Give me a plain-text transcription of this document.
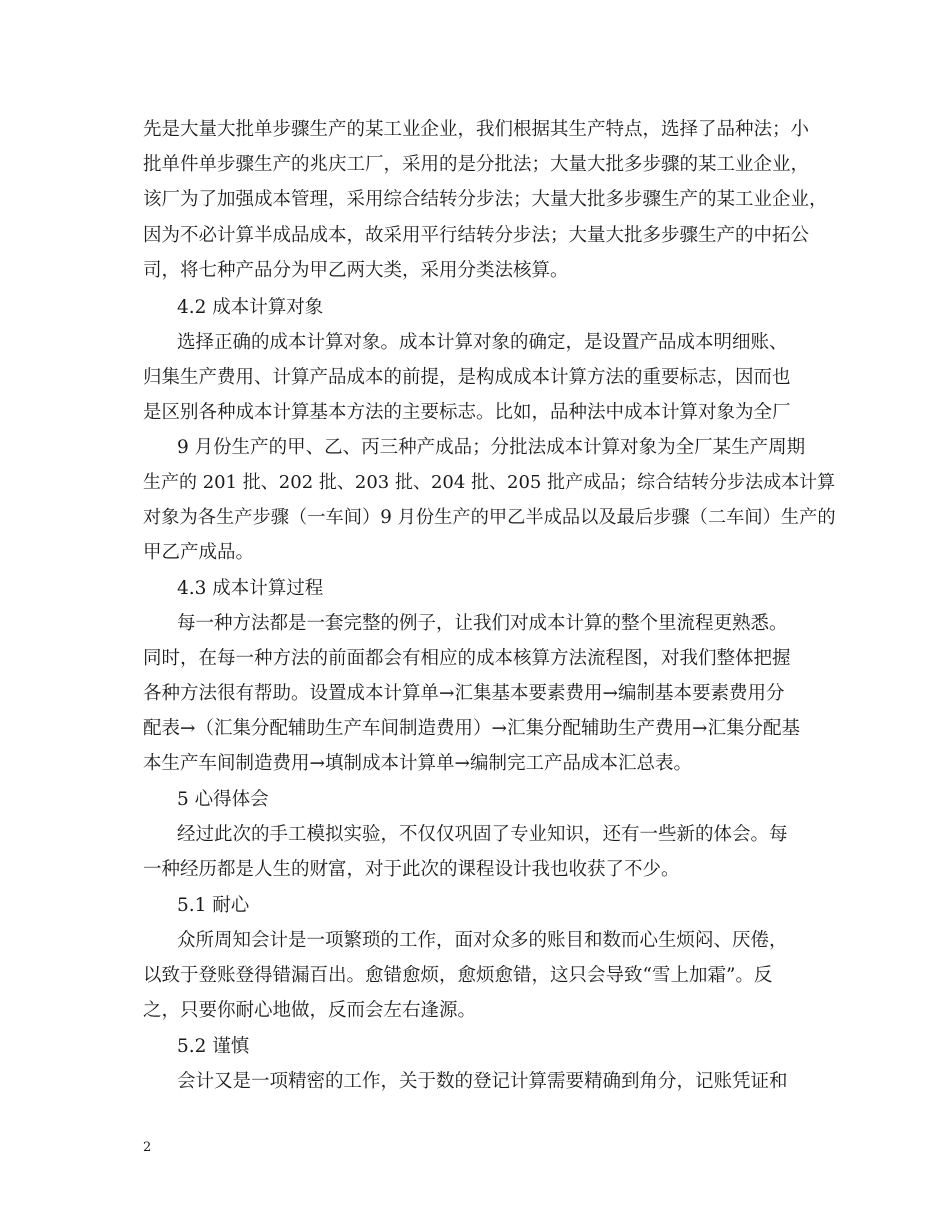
先是大量大批单步骤生产的某工业企业，我们根据其生产特点，选择了品种法；小
批单件单步骤生产的兆庆工厂，采用的是分批法；大量大批多步骤的某工业企业，
该厂为了加强成本管理，采用综合结转分步法；大量大批多步骤生产的某工业企业，
因为不必计算半成品成本，故采用平行结转分步法；大量大批多步骤生产的中拓公
司，将七种产品分为甲乙两大类，采用分类法核算。
4.2 成本计算对象
选择正确的成本计算对象。成本计算对象的确定，是设置产品成本明细账、
归集生产费用、计算产品成本的前提，是构成成本计算方法的重要标志，因而也
是区别各种成本计算基本方法的主要标志。比如，品种法中成本计算对象为全厂
9 月份生产的甲、乙、丙三种产成品；分批法成本计算对象为全厂某生产周期
生产的 201 批、202 批、203 批、204 批、205 批产成品；综合结转分步法成本计算
对象为各生产步骤（一车间）9 月份生产的甲乙半成品以及最后步骤（二车间）生产的
甲乙产成品。
4.3 成本计算过程
每一种方法都是一套完整的例子，让我们对成本计算的整个里流程更熟悉。
同时，在每一种方法的前面都会有相应的成本核算方法流程图，对我们整体把握
各种方法很有帮助。设置成本计算单→汇集基本要素费用→编制基本要素费用分
配表→（汇集分配辅助生产车间制造费用）→汇集分配辅助生产费用→汇集分配基
本生产车间制造费用→填制成本计算单→编制完工产品成本汇总表。
5 心得体会
经过此次的手工模拟实验，不仅仅巩固了专业知识，还有一些新的体会。每
一种经历都是人生的财富，对于此次的课程设计我也收获了不少。
5.1 耐心
众所周知会计是一项繁琐的工作，面对众多的账目和数而心生烦闷、厌倦，
以致于登账登得错漏百出。愈错愈烦，愈烦愈错，这只会导致“雪上加霜”。反
之，只要你耐心地做，反而会左右逢源。
5.2 谨慎
会计又是一项精密的工作，关于数的登记计算需要精确到角分，记账凭证和
2
